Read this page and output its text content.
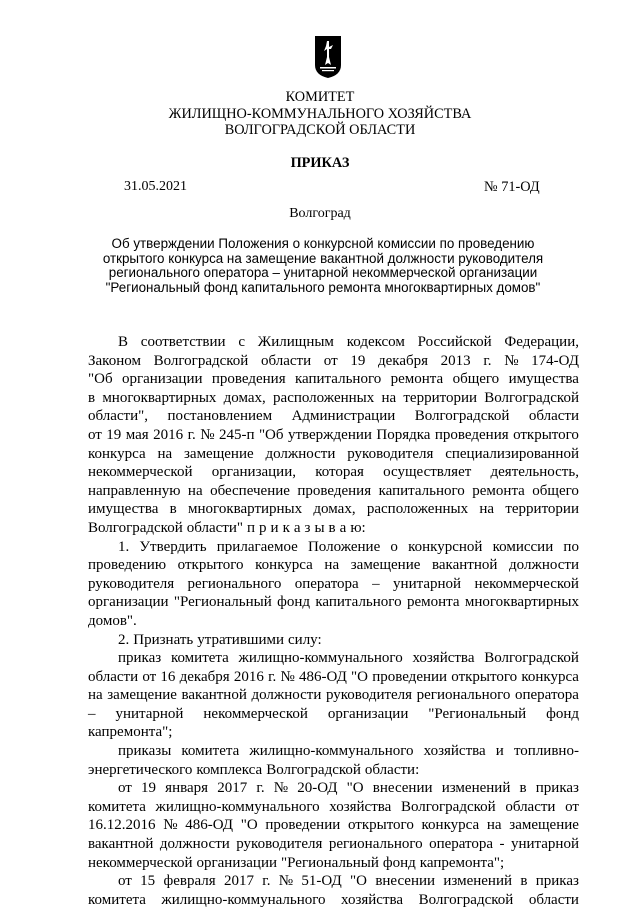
КОМИТЕТ
ЖИЛИЩНО-КОММУНАЛЬНОГО ХОЗЯЙСТВА
ВОЛГОГРАДСКОЙ ОБЛАСТИ
ПРИКАЗ
31.05.2021	№ 71-ОД
Волгоград
Об утверждении Положения о конкурсной комиссии по проведению
открытого конкурса на замещение вакантной должности руководителя
регионального оператора – унитарной некоммерческой организации
"Региональный фонд капитального ремонта многоквартирных домов"
В соответствии с Жилищным кодексом Российской Федерации,
Законом Волгоградской области от 19 декабря 2013 г. № 174-ОД
"Об организации проведения капитального ремонта общего имущества
в многоквартирных домах, расположенных на территории Волгоградской
области", постановлением Администрации Волгоградской области
от 19 мая 2016 г. № 245-п "Об утверждении Порядка проведения открытого
конкурса на замещение должности руководителя специализированной
некоммерческой организации, которая осуществляет деятельность,
направленную на обеспечение проведения капитального ремонта общего
имущества в многоквартирных домах, расположенных на территории
Волгоградской области" п р и к а з ы в а ю:
1. Утвердить прилагаемое Положение о конкурсной комиссии по
проведению открытого конкурса на замещение вакантной должности
руководителя регионального оператора – унитарной некоммерческой
организации "Региональный фонд капитального ремонта многоквартирных
домов".
2. Признать утратившими силу:
приказ комитета жилищно-коммунального хозяйства Волгоградской
области от 16 декабря 2016 г. № 486-ОД "О проведении открытого конкурса
на замещение вакантной должности руководителя регионального оператора
– унитарной некоммерческой организации "Региональный фонд
капремонта";
приказы комитета жилищно-коммунального хозяйства и топливно-
энергетического комплекса Волгоградской области:
от 19 января 2017 г. № 20-ОД "О внесении изменений в приказ
комитета жилищно-коммунального хозяйства Волгоградской области от
16.12.2016 № 486-ОД "О проведении открытого конкурса на замещение
вакантной должности руководителя регионального оператора - унитарной
некоммерческой организации "Региональный фонд капремонта";
от 15 февраля 2017 г. № 51-ОД "О внесении изменений в приказ
комитета жилищно-коммунального хозяйства Волгоградской области
